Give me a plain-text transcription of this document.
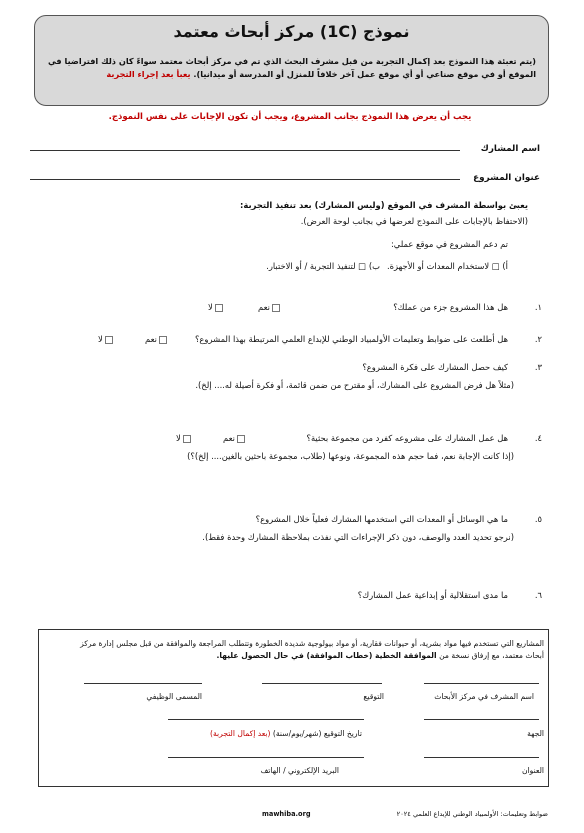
نموذج (1C) مركز أبحاث معتمد
(يتم تعبئة هذا النموذج بعد إكمال التجربة من قبل مشرف البحث الذي تم في مركز أبحاث معتمد سواءً كان ذلك افتراضيا في الموقع أو في موقع صناعي أو أي موقع عمل آخر خلافاً للمنزل أو المدرسة أو ميدانيا). يعبأ بعد إجراء التجربة
يجب أن يعرض هذا النموذج بجانب المشروع، ويجب أن تكون الإجابات على نفس النموذج.
اسم المشارك
عنوان المشروع
يعبئ بواسطة المشرف في الموقع (وليس المشارك) بعد تنفيذ التجربة:
(الاحتفاظ بالإجابات على النموذج لعرضها في بجانب لوحة العرض).
تم دعم المشروع في موقع عملي:
أ) □ لاستخدام المعدات أو الأجهزة.
ب) □ لتنفيذ التجربة / أو الاختبار.
١.
هل هذا المشروع جزء من عملك؟
نعم
لا
٢.
هل أطلعت على ضوابط وتعليمات الأولمبياد الوطني للإبداع العلمي المرتبطة بهذا المشروع؟
نعم
لا
٣.
كيف حصل المشارك على فكرة المشروع؟
(مثلاً هل فرض المشروع على المشارك، أو مقترح من ضمن قائمة، أو فكرة أصيلة له.... إلخ).
٤.
هل عمل المشارك على مشروعه كفرد من مجموعة بحثية؟
نعم
لا
(إذا كانت الإجابة نعم، فما حجم هذه المجموعة، ونوعها (طلاب، مجموعة باحثين بالغين.... إلخ)؟)
٥.
ما هي الوسائل أو المعدات التي استخدمها المشارك فعلياً خلال المشروع؟
(نرجو تحديد العدد والوصف، دون ذكر الإجراءات التي نفذت بملاحظة المشارك وحدة فقط).
٦.
ما مدى استقلالية أو إبداعية عمل المشارك؟
المشاريع التي تستخدم فيها مواد بشرية، أو حيوانات فقارية، أو مواد بيولوجية شديدة الخطورة وتتطلب المراجعة والموافقة من قبل مجلس إدارة مركز
أبحاث معتمد، مع إرفاق نسخة من الموافقة الخطية (خطاب الموافقة) في حال الحصول عليها.
اسم المشرف في مركز الأبحاث
التوقيع
المسمى الوظيفي
الجهة
تاريخ التوقيع (شهر/يوم/سنة) (بعد إكمال التجربة)
العنوان
البريد الإلكتروني / الهاتف
ضوابط وتعليمات: الأولمبياد الوطني للإبداع العلمي ٢٠٢٤
mawhiba.org
